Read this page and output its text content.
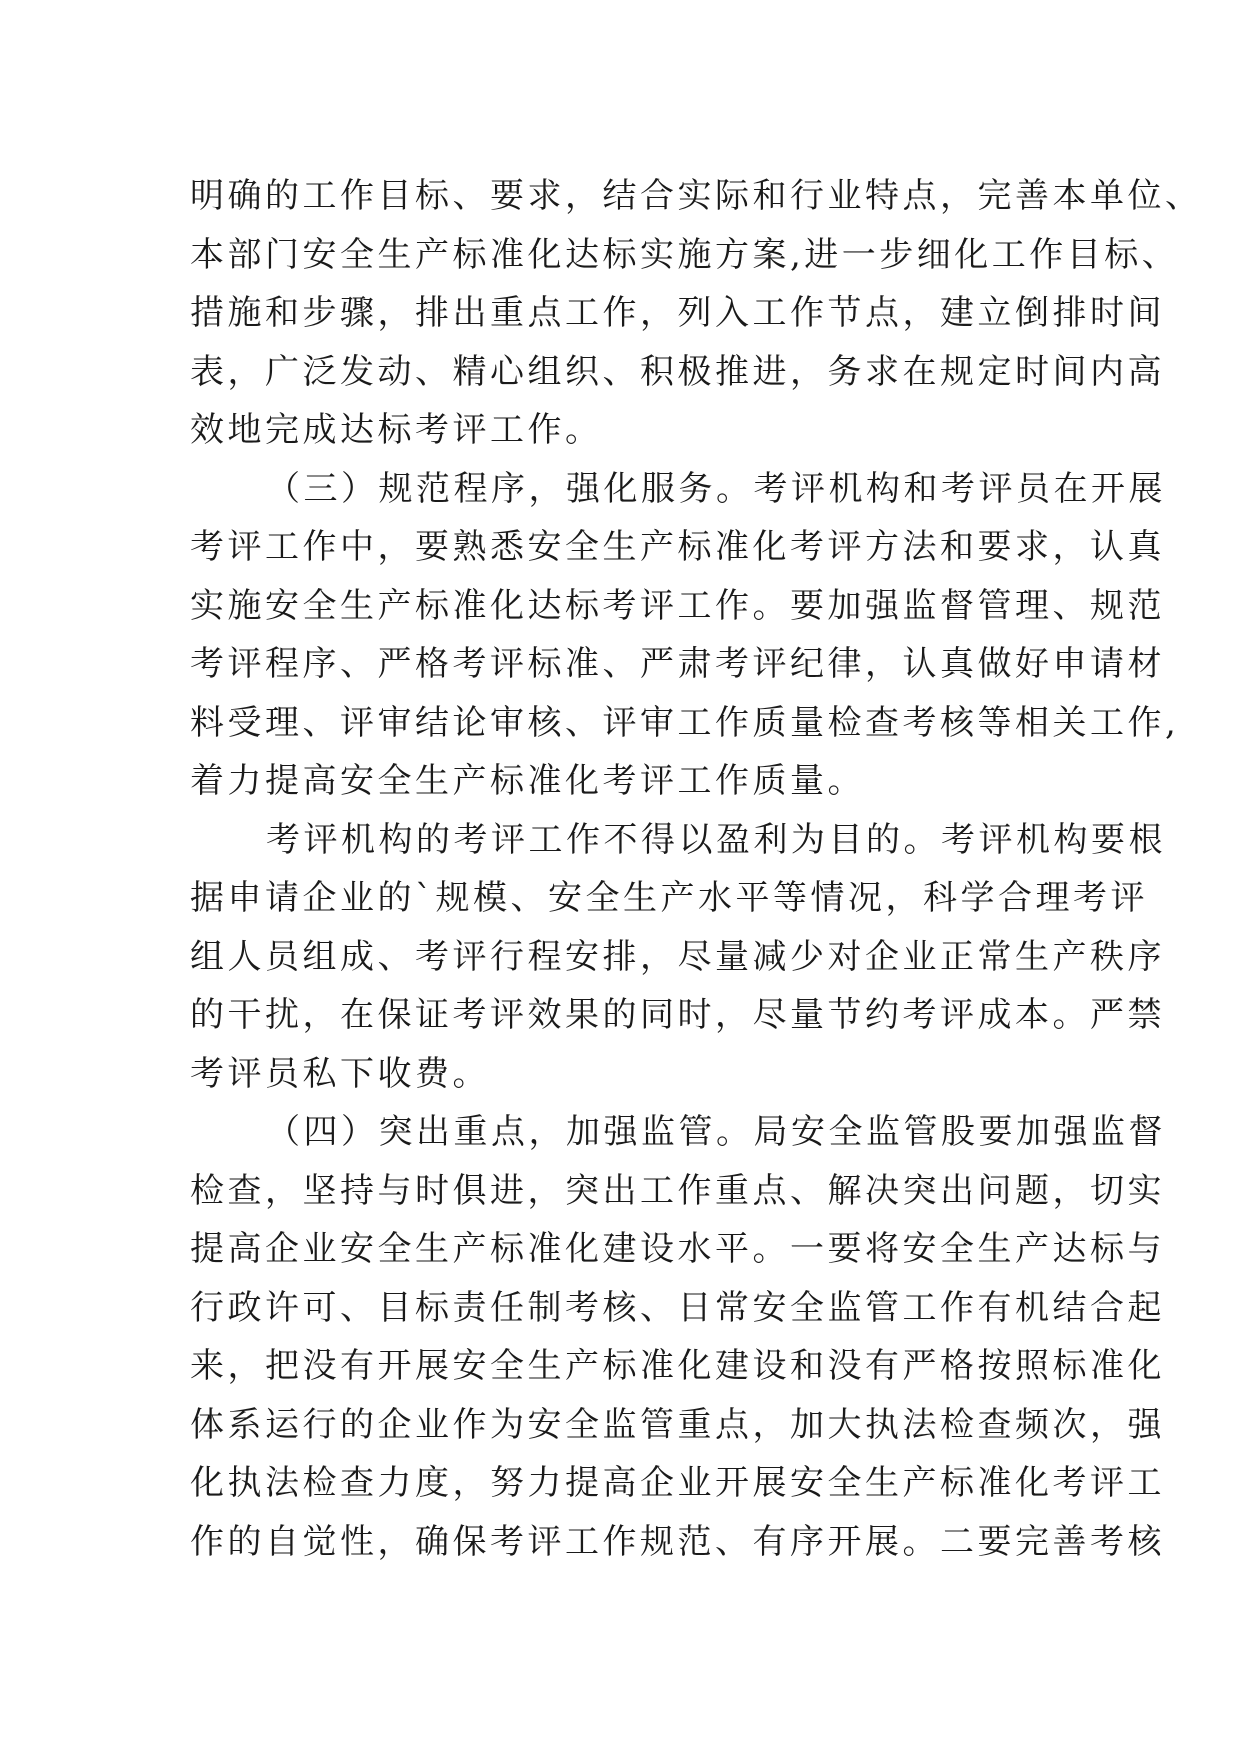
明确的工作目标、要求，结合实际和行业特点，完善本单位、
本部门安全生产标准化达标实施方案,进一步细化工作目标、
措施和步骤，排出重点工作，列入工作节点，建立倒排时间
表，广泛发动、精心组织、积极推进，务求在规定时间内高
效地完成达标考评工作。
（三）规范程序，强化服务。考评机构和考评员在开展
考评工作中，要熟悉安全生产标准化考评方法和要求，认真
实施安全生产标准化达标考评工作。要加强监督管理、规范
考评程序、严格考评标准、严肃考评纪律，认真做好申请材
料受理、评审结论审核、评审工作质量检查考核等相关工作,
着力提高安全生产标准化考评工作质量。
考评机构的考评工作不得以盈利为目的。考评机构要根
据申请企业的`规模、安全生产水平等情况，科学合理考评
组人员组成、考评行程安排，尽量减少对企业正常生产秩序
的干扰，在保证考评效果的同时，尽量节约考评成本。严禁
考评员私下收费。
（四）突出重点，加强监管。局安全监管股要加强监督
检查，坚持与时俱进，突出工作重点、解决突出问题，切实
提高企业安全生产标准化建设水平。一要将安全生产达标与
行政许可、目标责任制考核、日常安全监管工作有机结合起
来，把没有开展安全生产标准化建设和没有严格按照标准化
体系运行的企业作为安全监管重点，加大执法检查频次，强
化执法检查力度，努力提高企业开展安全生产标准化考评工
作的自觉性，确保考评工作规范、有序开展。二要完善考核
